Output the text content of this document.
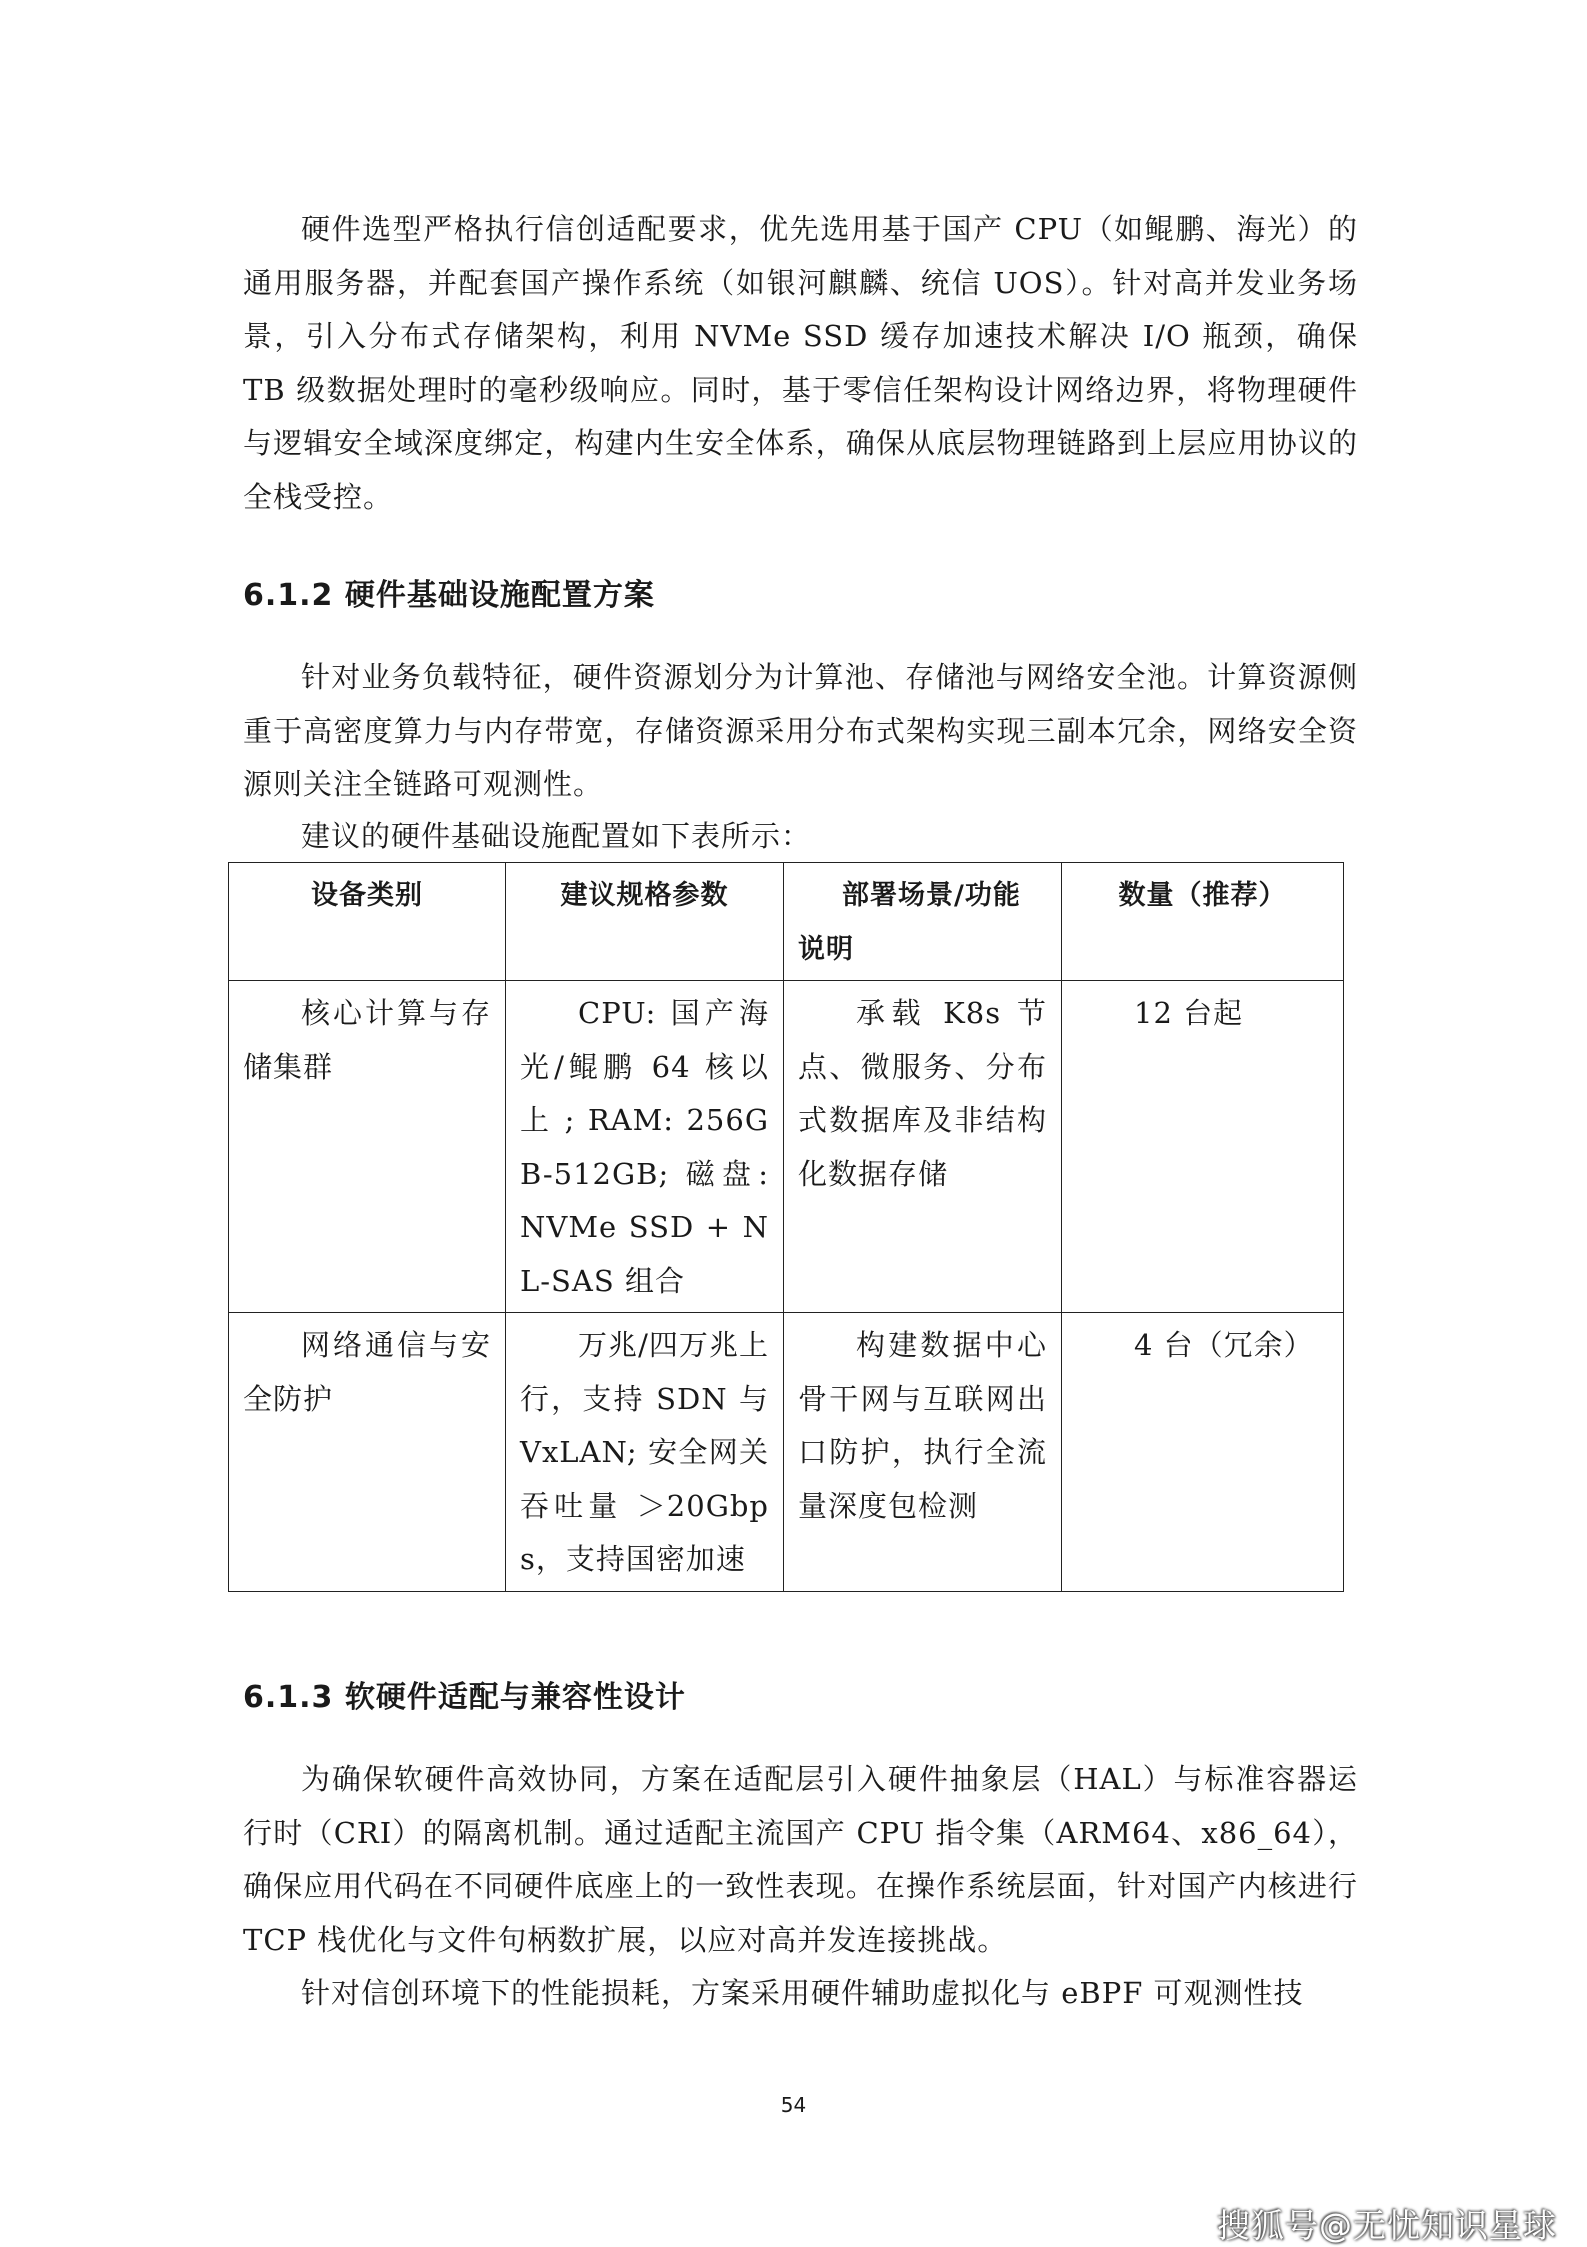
硬件选型严格执行信创适配要求，优先选用基于国产 CPU（如鲲鹏、海光）的通用服务器，并配套国产操作系统（如银河麒麟、统信 UOS）。针对高并发业务场景，引入分布式存储架构，利用 NVMe SSD 缓存加速技术解决 I/O 瓶颈，确保 TB 级数据处理时的毫秒级响应。同时，基于零信任架构设计网络边界，将物理硬件与逻辑安全域深度绑定，构建内生安全体系，确保从底层物理链路到上层应用协议的全栈受控。

6.1.2 硬件基础设施配置方案

针对业务负载特征，硬件资源划分为计算池、存储池与网络安全池。计算资源侧重于高密度算力与内存带宽，存储资源采用分布式架构实现三副本冗余，网络安全资源则关注全链路可观测性。

建议的硬件基础设施配置如下表所示：

设备类别	建议规格参数	部署场景/功能说明	数量（推荐）

核心计算与存储集群	CPU: 国产海光/鲲鹏 64 核以上 ; RAM: 256GB-512GB; 磁盘: NVMe SSD + NL-SAS 组合	承载 K8s 节点、微服务、分布式数据库及非结构化数据存储	12 台起

网络通信与安全防护	万兆/四万兆上行，支持 SDN 与 VxLAN; 安全网关吞吐量 ＞20Gbps，支持国密加速	构建数据中心骨干网与互联网出口防护，执行全流量深度包检测	4 台（冗余）
6.1.3 软硬件适配与兼容性设计

为确保软硬件高效协同，方案在适配层引入硬件抽象层（HAL）与标准容器运行时（CRI）的隔离机制。通过适配主流国产 CPU 指令集（ARM64、x86_64），确保应用代码在不同硬件底座上的一致性表现。在操作系统层面，针对国产内核进行 TCP 栈优化与文件句柄数扩展，以应对高并发连接挑战。

针对信创环境下的性能损耗，方案采用硬件辅助虚拟化与 eBPF 可观测性技

54
搜狐号@无忧知识星球
